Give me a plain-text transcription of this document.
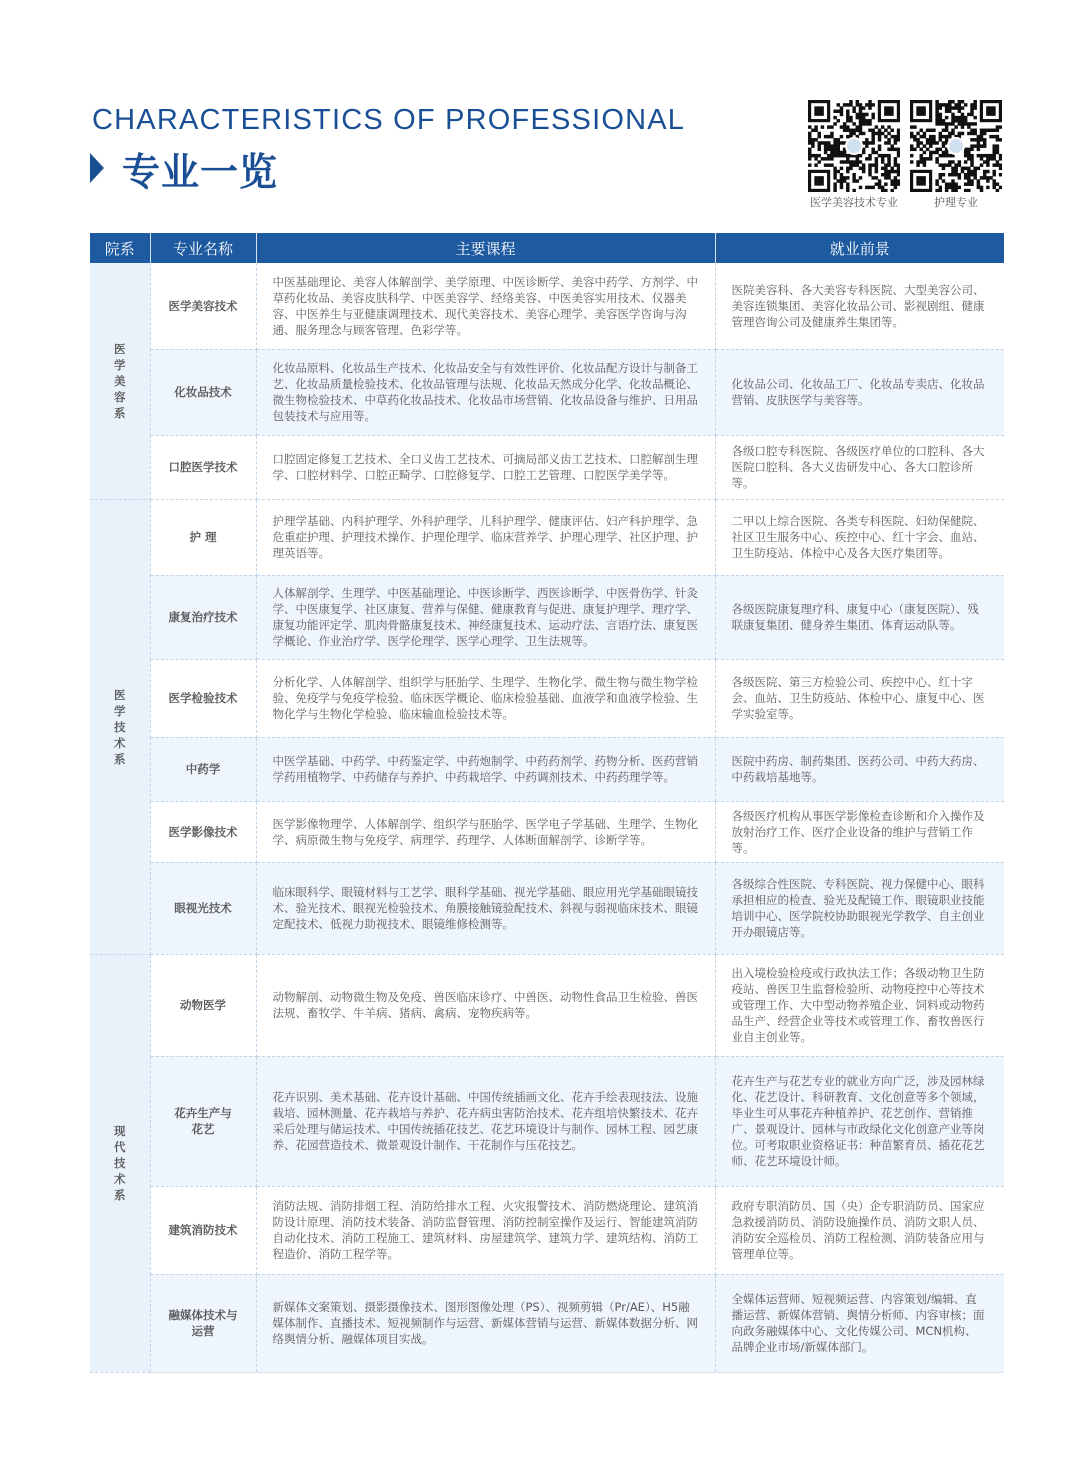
CHARACTERISTICS OF PROFESSIONAL
专业一览
医学美容技术专业	护理专业
院系	专业名称	主要课程	就业前景

医学美容系	医学美容技术	中医基础理论、美容人体解剖学、美学原理、中医诊断学、美容中药学、方剂学、中草药化妆品、美容皮肤科学、中医美容学、经络美容、中医美容实用技术、仪器美容、中医养生与亚健康调理技术、现代美容技术、美容心理学、美容医学咨询与沟通、服务理念与顾客管理、色彩学等。	医院美容科、各大美容专科医院、大型美容公司、美容连锁集团、美容化妆品公司、影视剧组、健康管理咨询公司及健康养生集团等。
	化妆品技术	化妆品原料、化妆品生产技术、化妆品安全与有效性评价、化妆品配方设计与制备工艺、化妆品质量检验技术、化妆品管理与法规、化妆品天然成分化学、化妆品概论、微生物检验技术、中草药化妆品技术、化妆品市场营销、化妆品设备与维护、日用品包装技术与应用等。	化妆品公司、化妆品工厂、化妆品专卖店、化妆品营销、皮肤医学与美容等。
	口腔医学技术	口腔固定修复工艺技术、全口义齿工艺技术、可摘局部义齿工艺技术、口腔解剖生理学、口腔材料学、口腔正畸学、口腔修复学、口腔工艺管理、口腔医学美学等。	各级口腔专科医院、各级医疗单位的口腔科、各大医院口腔科、各大义齿研发中心、各大口腔诊所等。

医学技术系	护 理	护理学基础、内科护理学、外科护理学、儿科护理学、健康评估、妇产科护理学、急危重症护理、护理技术操作、护理伦理学、临床营养学、护理心理学、社区护理、护理英语等。	二甲以上综合医院、各类专科医院、妇幼保健院、社区卫生服务中心、疾控中心、红十字会、血站、卫生防疫站、体检中心及各大医疗集团等。
	康复治疗技术	人体解剖学、生理学、中医基础理论、中医诊断学、西医诊断学、中医骨伤学、针灸学、中医康复学、社区康复、营养与保健、健康教育与促进、康复护理学、理疗学、康复功能评定学、肌肉骨骼康复技术、神经康复技术、运动疗法、言语疗法、康复医学概论、作业治疗学、医学伦理学、医学心理学、卫生法规等。	各级医院康复理疗科、康复中心（康复医院）、残联康复集团、健身养生集团、体育运动队等。
	医学检验技术	分析化学、人体解剖学、组织学与胚胎学、生理学、生物化学、微生物与微生物学检验、免疫学与免疫学检验、临床医学概论、临床检验基础、血液学和血液学检验、生物化学与生物化学检验、临床输血检验技术等。	各级医院、第三方检验公司、疾控中心、红十字会、血站、卫生防疫站、体检中心、康复中心、医学实验室等。
	中药学	中医学基础、中药学、中药鉴定学、中药炮制学、中药药剂学、药物分析、医药营销学药用植物学、中药储存与养护、中药栽培学、中药调剂技术、中药药理学等。	医院中药房、制药集团、医药公司、中药大药房、中药栽培基地等。
	医学影像技术	医学影像物理学、人体解剖学、组织学与胚胎学、医学电子学基础、生理学、生物化学、病原微生物与免疫学、病理学、药理学、人体断面解剖学、诊断学等。	各级医疗机构从事医学影像检查诊断和介入操作及放射治疗工作、医疗企业设备的维护与营销工作等。
	眼视光技术	临床眼科学、眼镜材料与工艺学、眼科学基础、视光学基础、眼应用光学基础眼镜技术、验光技术、眼视光检验技术、角膜接触镜验配技术、斜视与弱视临床技术、眼镜定配技术、低视力助视技术、眼镜维修检测等。	各级综合性医院、专科医院、视力保健中心、眼科承担相应的检查、验光及配镜工作、眼镜职业技能培训中心、医学院校协助眼视光学教学、自主创业开办眼镜店等。

现代技术系	动物医学	动物解剖、动物微生物及免疫、兽医临床诊疗、中兽医、动物性食品卫生检验、兽医法规、畜牧学、牛羊病、猪病、禽病、宠物疾病等。	出入境检验检疫或行政执法工作；各级动物卫生防疫站、兽医卫生监督检验所、动物疫控中心等技术或管理工作、大中型动物养殖企业、饲料或动物药品生产、经营企业等技术或管理工作、畜牧兽医行业自主创业等。
	花卉生产与花艺	花卉识别、美术基础、花卉设计基础、中国传统插画文化、花卉手绘表现技法、设施栽培、园林测量、花卉栽培与养护、花卉病虫害防治技术、花卉组培快繁技术、花卉采后处理与储运技术、中国传统插花技艺、花艺环境设计与制作、园林工程、园艺康养、花园营造技术、微景观设计制作、干花制作与压花技艺。	花卉生产与花艺专业的就业方向广泛，涉及园林绿化、花艺设计、科研教育、文化创意等多个领域，毕业生可从事花卉种植养护、花艺创作、营销推广、景观设计、园林与市政绿化文化创意产业等岗位。可考取职业资格证书：种苗繁育员、插花花艺师、花艺环境设计师。
	建筑消防技术	消防法规、消防排烟工程、消防给排水工程、火灾报警技术、消防燃烧理论、建筑消防设计原理、消防技术装备、消防监督管理、消防控制室操作及运行、智能建筑消防自动化技术、消防工程施工、建筑材料、房屋建筑学、建筑力学、建筑结构、消防工程造价、消防工程学等。	政府专职消防员、国（央）企专职消防员、国家应急救援消防员、消防设施操作员、消防文职人员、消防安全巡检员、消防工程检测、消防装备应用与管理单位等。
	融媒体技术与运营	新媒体文案策划、摄影摄像技术、图形图像处理（PS）、视频剪辑（Pr/AE）、H5融媒体制作、直播技术、短视频制作与运营、新媒体营销与运营、新媒体数据分析、网络舆情分析、融媒体项目实战。	全媒体运营师、短视频运营、内容策划/编辑、直播运营、新媒体营销、舆情分析师、内容审核；面向政务融媒体中心、文化传媒公司、MCN机构、品牌企业市场/新媒体部门。
